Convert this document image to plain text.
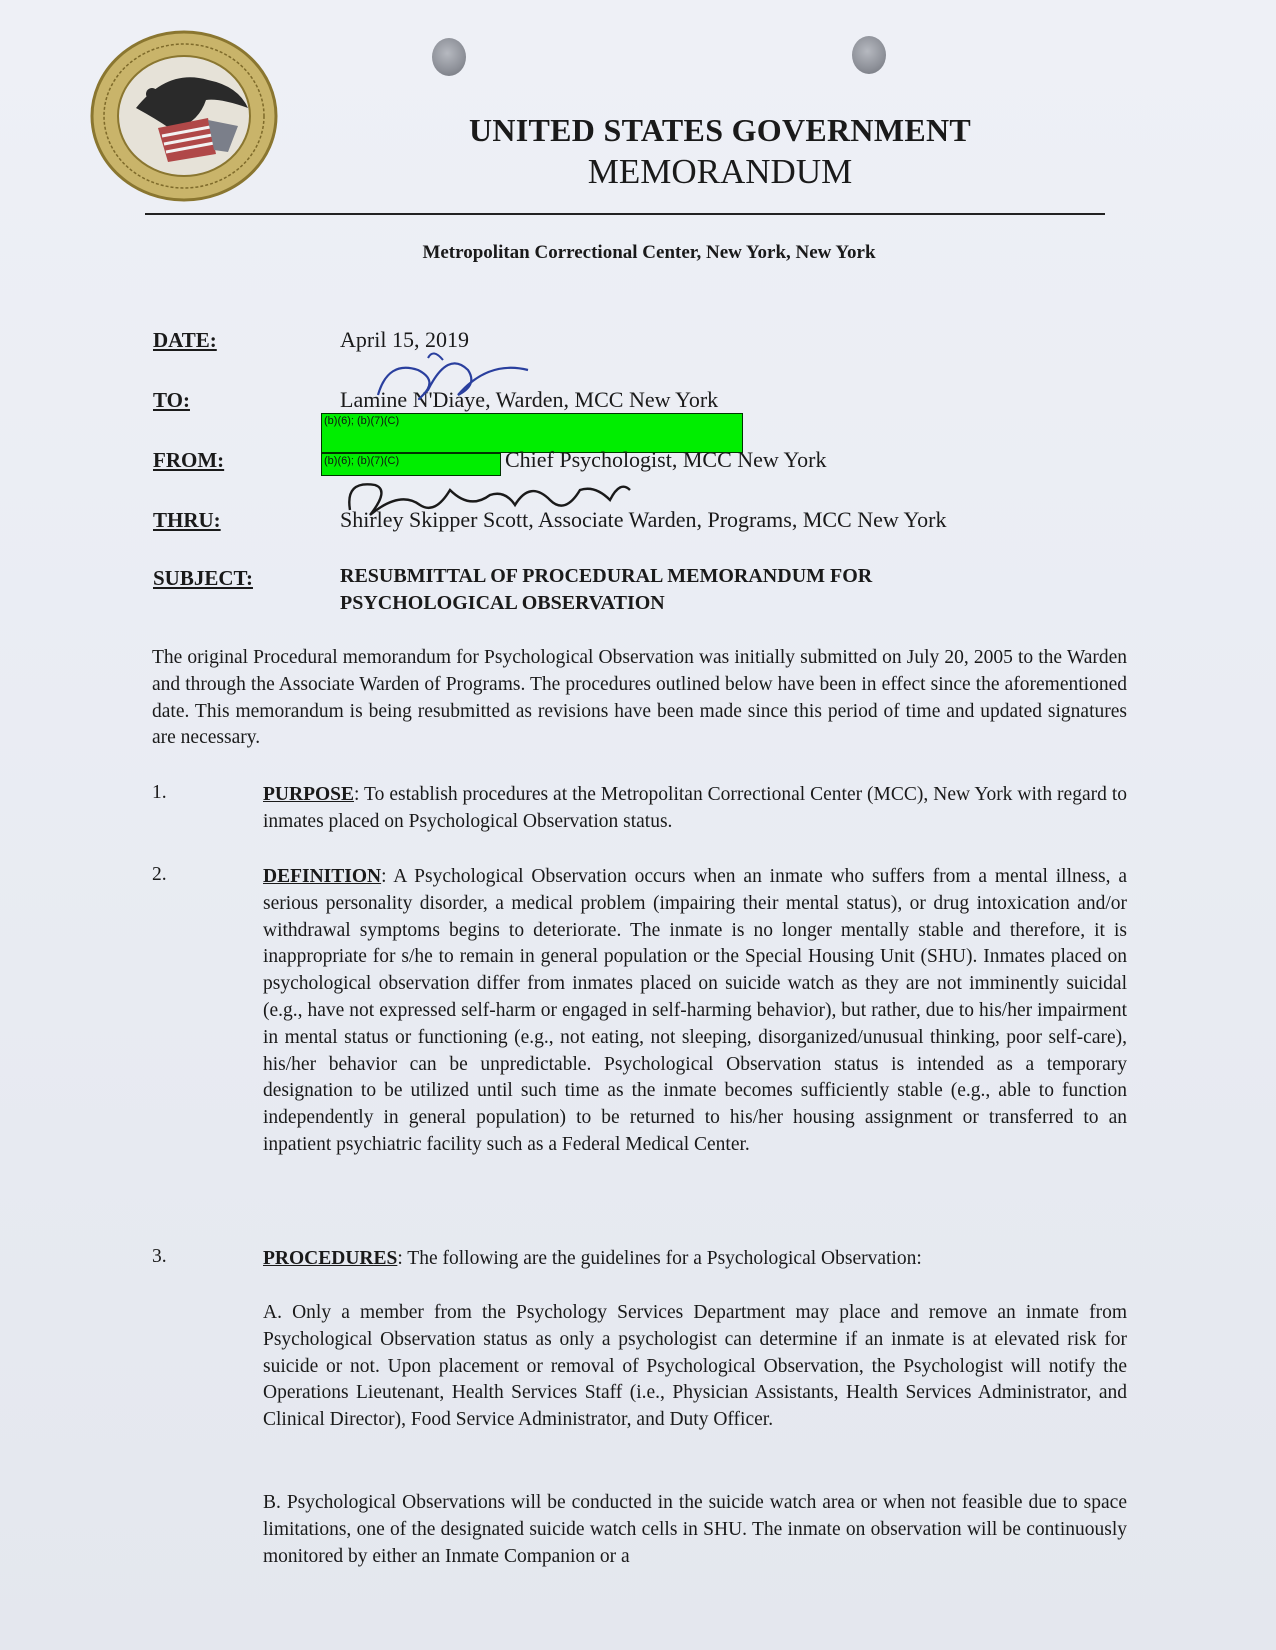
UNITED STATES GOVERNMENT
MEMORANDUM
Metropolitan Correctional Center, New York, New York
DATE:	April 15, 2019
TO:	Lamine N'Diaye, Warden, MCC New York
(b)(6); (b)(7)(C)
FROM:	(b)(6); (b)(7)(C)	Chief Psychologist, MCC New York
THRU:	Shirley Skipper Scott, Associate Warden, Programs, MCC New York
SUBJECT:	RESUBMITTAL OF PROCEDURAL MEMORANDUM FOR
PSYCHOLOGICAL OBSERVATION
The original Procedural memorandum for Psychological Observation was initially submitted on July 20, 2005 to the Warden and through the Associate Warden of Programs. The procedures outlined below have been in effect since the aforementioned date. This memorandum is being resubmitted as revisions have been made since this period of time and updated signatures are necessary.
1.	PURPOSE: To establish procedures at the Metropolitan Correctional Center (MCC), New York with regard to inmates placed on Psychological Observation status.
2.	DEFINITION: A Psychological Observation occurs when an inmate who suffers from a mental illness, a serious personality disorder, a medical problem (impairing their mental status), or drug intoxication and/or withdrawal symptoms begins to deteriorate. The inmate is no longer mentally stable and therefore, it is inappropriate for s/he to remain in general population or the Special Housing Unit (SHU). Inmates placed on psychological observation differ from inmates placed on suicide watch as they are not imminently suicidal (e.g., have not expressed self-harm or engaged in self-harming behavior), but rather, due to his/her impairment in mental status or functioning (e.g., not eating, not sleeping, disorganized/unusual thinking, poor self-care), his/her behavior can be unpredictable. Psychological Observation status is intended as a temporary designation to be utilized until such time as the inmate becomes sufficiently stable (e.g., able to function independently in general population) to be returned to his/her housing assignment or transferred to an inpatient psychiatric facility such as a Federal Medical Center.
3.	PROCEDURES: The following are the guidelines for a Psychological Observation:
A. Only a member from the Psychology Services Department may place and remove an inmate from Psychological Observation status as only a psychologist can determine if an inmate is at elevated risk for suicide or not. Upon placement or removal of Psychological Observation, the Psychologist will notify the Operations Lieutenant, Health Services Staff (i.e., Physician Assistants, Health Services Administrator, and Clinical Director), Food Service Administrator, and Duty Officer.
B. Psychological Observations will be conducted in the suicide watch area or when not feasible due to space limitations, one of the designated suicide watch cells in SHU. The inmate on observation will be continuously monitored by either an Inmate Companion or a
